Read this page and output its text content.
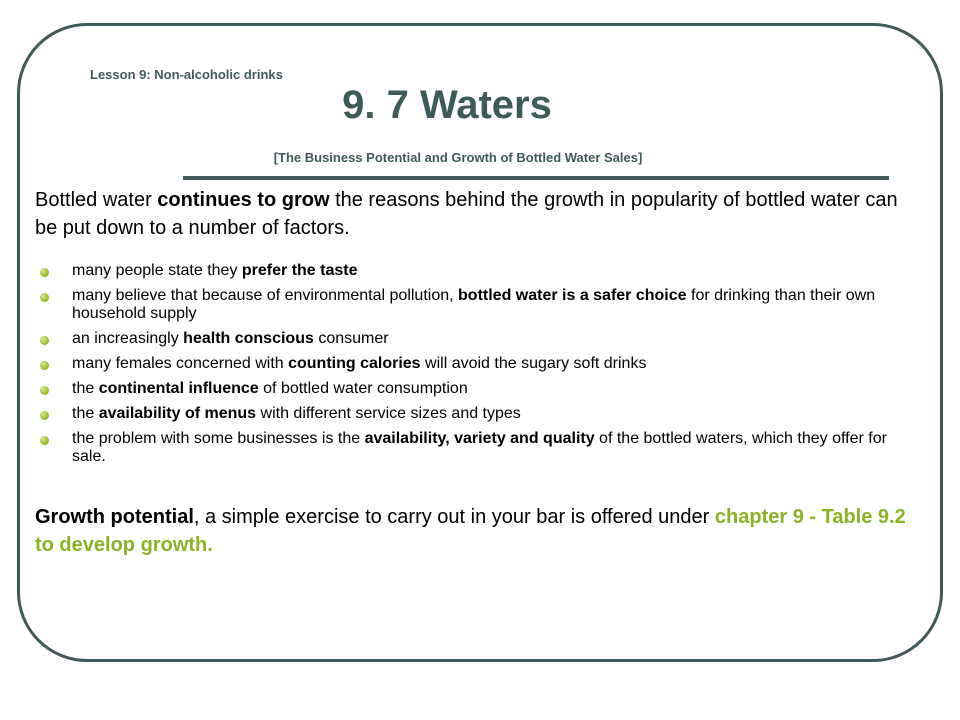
Lesson 9: Non-alcoholic drinks
9. 7 Waters
[The Business Potential and Growth of Bottled Water Sales]
Bottled water continues to grow the reasons behind the growth in popularity of bottled water can be put down to a number of factors.
many people state they prefer the taste
many believe that because of environmental pollution, bottled water is a safer choice for drinking than their own household supply
an increasingly health conscious consumer
many females concerned with counting calories will avoid the sugary soft drinks
the continental influence of bottled water consumption
the availability of menus with different service sizes and types
the problem with some businesses is the availability, variety and quality of the bottled waters, which they offer for sale.
Growth potential, a simple exercise to carry out in your bar is offered under chapter 9 - Table 9.2 to develop growth.
